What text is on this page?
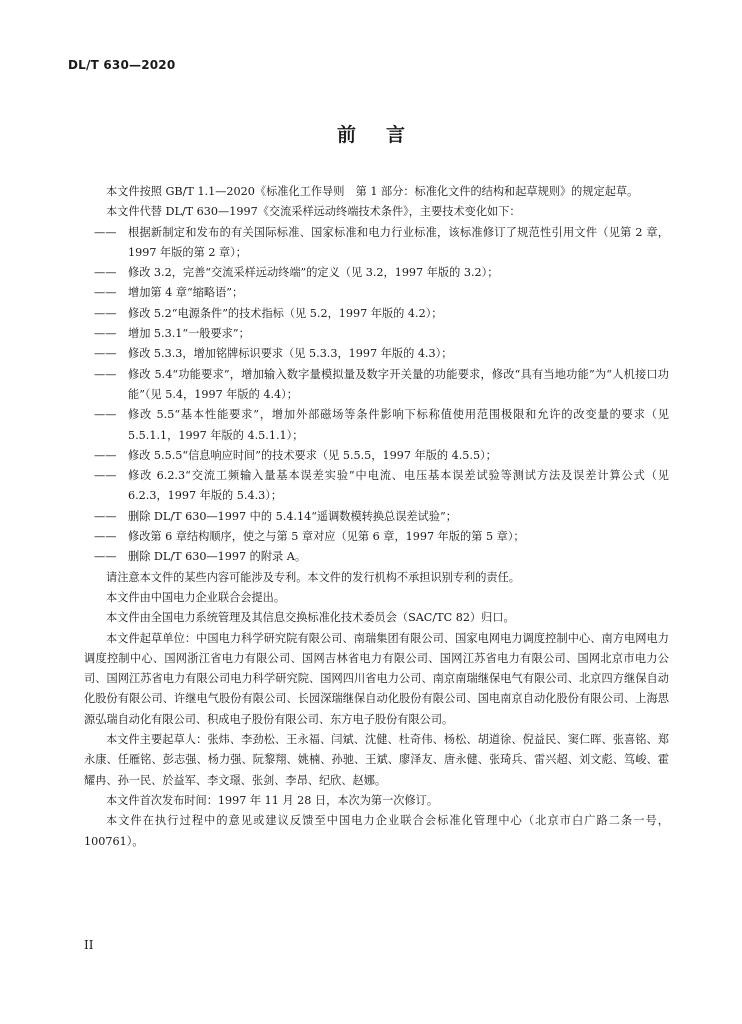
DL/T 630—2020
前言

本文件按照 GB/T 1.1—2020《标准化工作导则　第 1 部分：标准化文件的结构和起草规则》的规定起草。

本文件代替 DL/T 630—1997《交流采样远动终端技术条件》，主要技术变化如下：

——	根据新制定和发布的有关国际标准、国家标准和电力行业标准，该标准修订了规范性引用文件（见第 2 章，1997 年版的第 2 章）；
——	修改 3.2，完善“交流采样远动终端”的定义（见 3.2，1997 年版的 3.2）；
——	增加第 4 章“缩略语”；
——	修改 5.2“电源条件”的技术指标（见 5.2，1997 年版的 4.2）；
——	增加 5.3.1“一般要求”；
——	修改 5.3.3，增加铭牌标识要求（见 5.3.3，1997 年版的 4.3）；
——	修改 5.4“功能要求”，增加输入数字量模拟量及数字开关量的功能要求，修改“具有当地功能”为“人机接口功能”（见 5.4，1997 年版的 4.4）；
——	修改 5.5“基本性能要求”，增加外部磁场等条件影响下标称值使用范围极限和允许的改变量的要求（见 5.5.1.1，1997 年版的 4.5.1.1）；
——	修改 5.5.5“信息响应时间”的技术要求（见 5.5.5，1997 年版的 4.5.5）；
——	修改 6.2.3“交流工频输入量基本误差实验”中电流、电压基本误差试验等测试方法及误差计算公式（见 6.2.3，1997 年版的 5.4.3）；
——	删除 DL/T 630—1997 中的 5.4.14“遥调数模转换总误差试验”；
——	修改第 6 章结构顺序，使之与第 5 章对应（见第 6 章，1997 年版的第 5 章）；
——	删除 DL/T 630—1997 的附录 A。

请注意本文件的某些内容可能涉及专利。本文件的发行机构不承担识别专利的责任。

本文件由中国电力企业联合会提出。

本文件由全国电力系统管理及其信息交换标准化技术委员会（SAC/TC 82）归口。

本文件起草单位：中国电力科学研究院有限公司、南瑞集团有限公司、国家电网电力调度控制中心、南方电网电力调度控制中心、国网浙江省电力有限公司、国网吉林省电力有限公司、国网江苏省电力有限公司、国网北京市电力公司、国网江苏省电力有限公司电力科学研究院、国网四川省电力公司、南京南瑞继保电气有限公司、北京四方继保自动化股份有限公司、许继电气股份有限公司、长园深瑞继保自动化股份有限公司、国电南京自动化股份有限公司、上海思源弘瑞自动化有限公司、积成电子股份有限公司、东方电子股份有限公司。

本文件主要起草人：张炜、李劲松、王永福、闫斌、沈健、杜奇伟、杨松、胡道徐、倪益民、窦仁晖、张喜铭、郑永康、任雁铭、彭志强、杨力强、阮黎翔、姚楠、孙驰、王斌、廖泽友、唐永健、张琦兵、雷兴超、刘文彪、笃峻、霍耀冉、孙一民、於益军、李文璟、张剑、李昂、纪欣、赵娜。

本文件首次发布时间：1997 年 11 月 28 日，本次为第一次修订。

本文件在执行过程中的意见或建议反馈至中国电力企业联合会标准化管理中心（北京市白广路二条一号，100761）。

II
